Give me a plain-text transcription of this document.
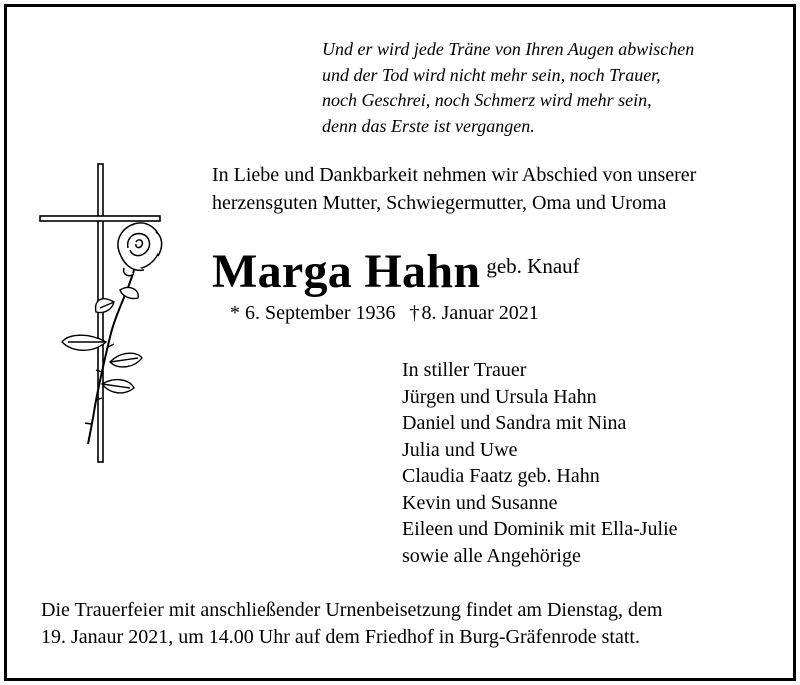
Und er wird jede Träne von Ihren Augen abwischen
und der Tod wird nicht mehr sein, noch Trauer,
noch Geschrei, noch Schmerz wird mehr sein,
denn das Erste ist vergangen.
In Liebe und Dankbarkeit nehmen wir Abschied von unserer
herzensguten Mutter, Schwiegermutter, Oma und Uroma
Marga Hahn geb. Knauf
* 6. September 1936 † 8. Januar 2021
In stiller Trauer
Jürgen und Ursula Hahn
Daniel und Sandra mit Nina
Julia und Uwe
Claudia Faatz geb. Hahn
Kevin und Susanne
Eileen und Dominik mit Ella-Julie
sowie alle Angehörige
Die Trauerfeier mit anschließender Urnenbeisetzung findet am Dienstag, dem
19. Janaur 2021, um 14.00 Uhr auf dem Friedhof in Burg-Gräfenrode statt.
